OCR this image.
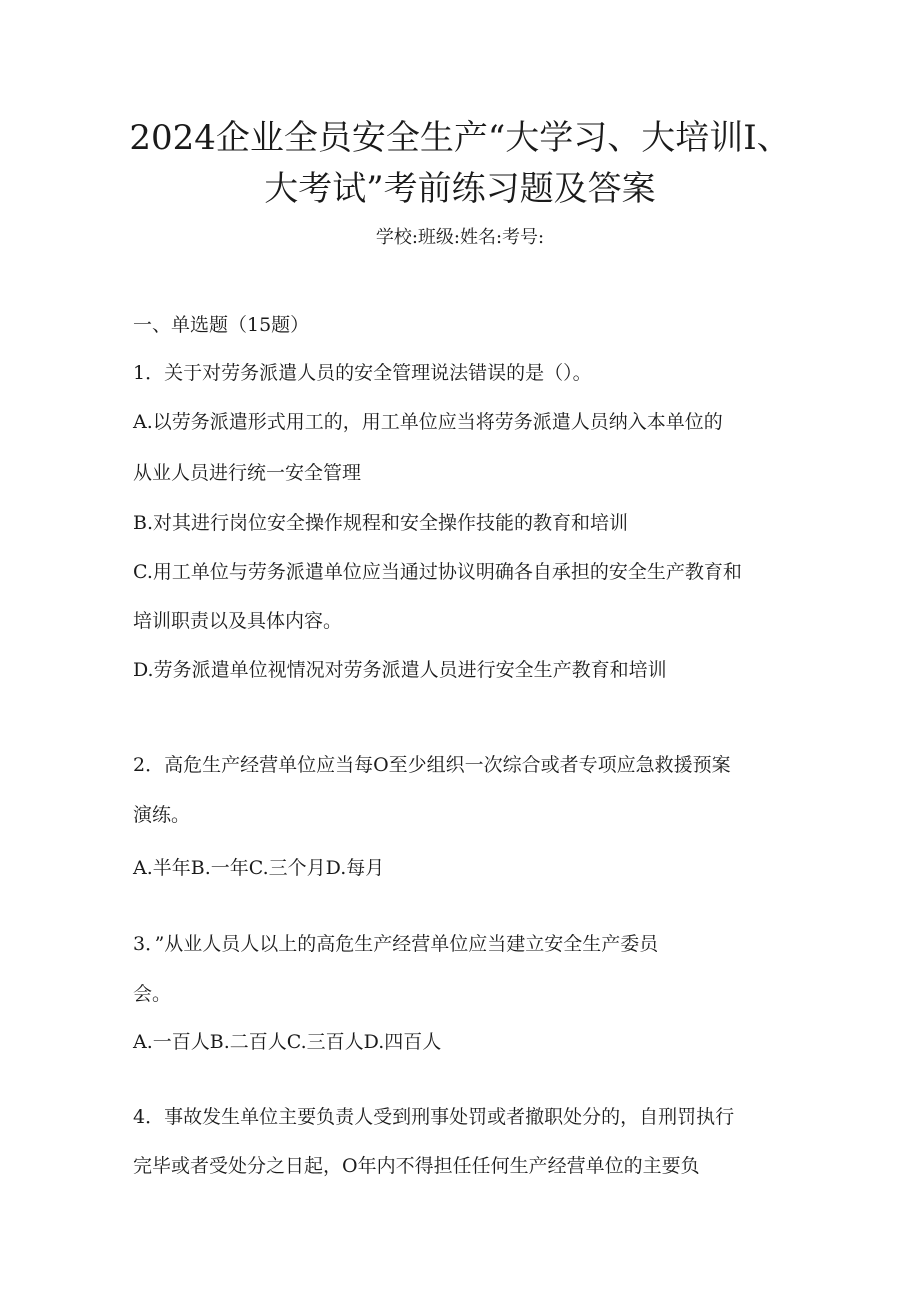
2024企业全员安全生产“大学习、大培训I、
大考试”考前练习题及答案
学校:班级:姓名:考号:
一、单选题（15题）
1．关于对劳务派遣人员的安全管理说法错误的是（）。
A.以劳务派遣形式用工的，用工单位应当将劳务派遣人员纳入本单位的
从业人员进行统一安全管理
B.对其进行岗位安全操作规程和安全操作技能的教育和培训
C.用工单位与劳务派遣单位应当通过协议明确各自承担的安全生产教育和
培训职责以及具体内容。
D.劳务派遣单位视情况对劳务派遣人员进行安全生产教育和培训
2．高危生产经营单位应当每O至少组织一次综合或者专项应急救援预案
演练。
A.半年B.一年C.三个月D.每月
3．”从业人员人以上的高危生产经营单位应当建立安全生产委员
会。
A.一百人B.二百人C.三百人D.四百人
4．事故发生单位主要负责人受到刑事处罚或者撤职处分的，自刑罚执行
完毕或者受处分之日起，O年内不得担任任何生产经营单位的主要负
